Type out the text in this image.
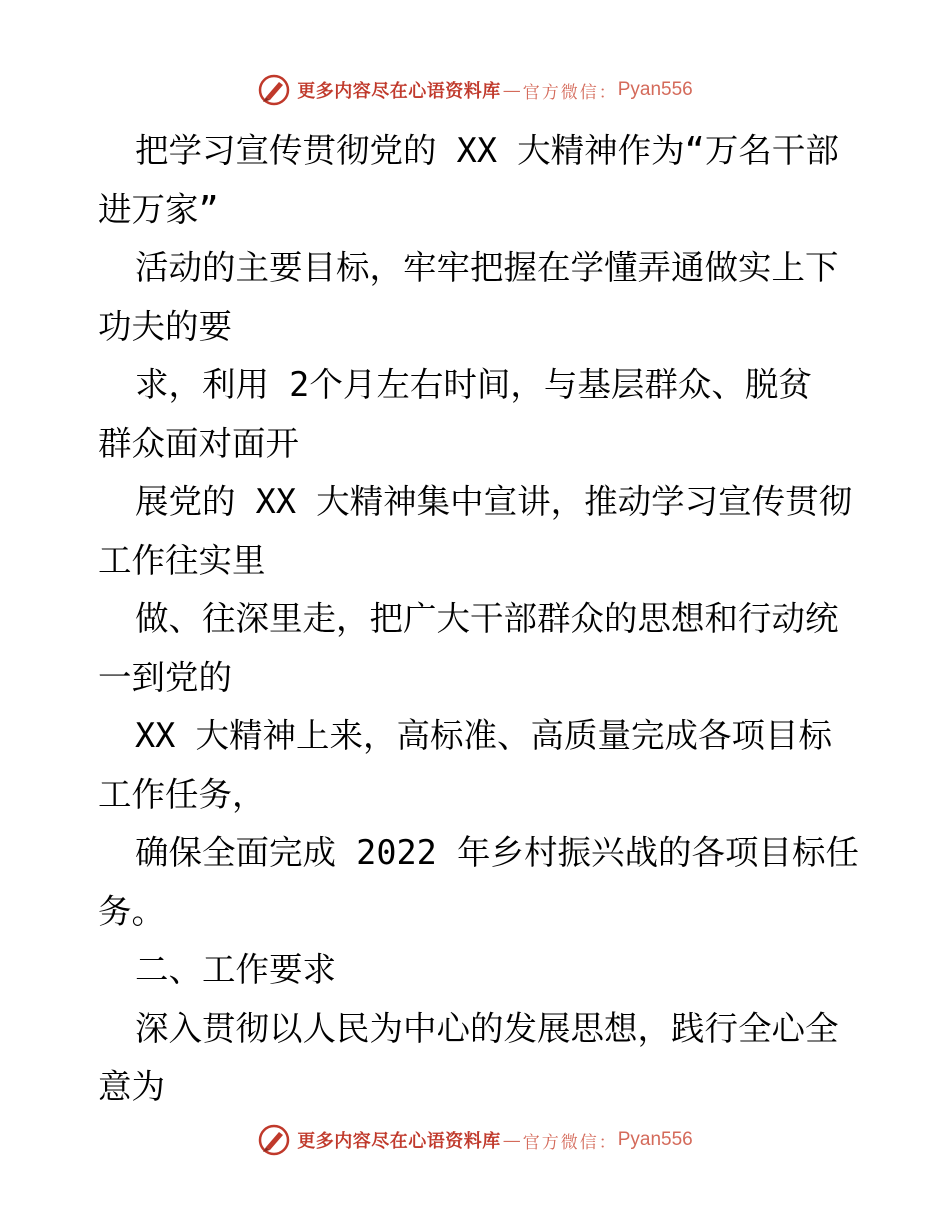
更多内容尽在心语资料库 — 官方微信： Pyan556
把学习宣传贯彻党的 XX 大精神作为“万名干部
进万家”
活动的主要目标，牢牢把握在学懂弄通做实上下
功夫的要
求，利用 2个月左右时间，与基层群众、脱贫
群众面对面开
展党的 XX 大精神集中宣讲，推动学习宣传贯彻
工作往实里
做、往深里走，把广大干部群众的思想和行动统
一到党的
XX 大精神上来，高标准、高质量完成各项目标
工作任务，
确保全面完成 2022 年乡村振兴战的各项目标任
务。
二、工作要求
深入贯彻以人民为中心的发展思想，践行全心全
意为
更多内容尽在心语资料库 — 官方微信： Pyan556
